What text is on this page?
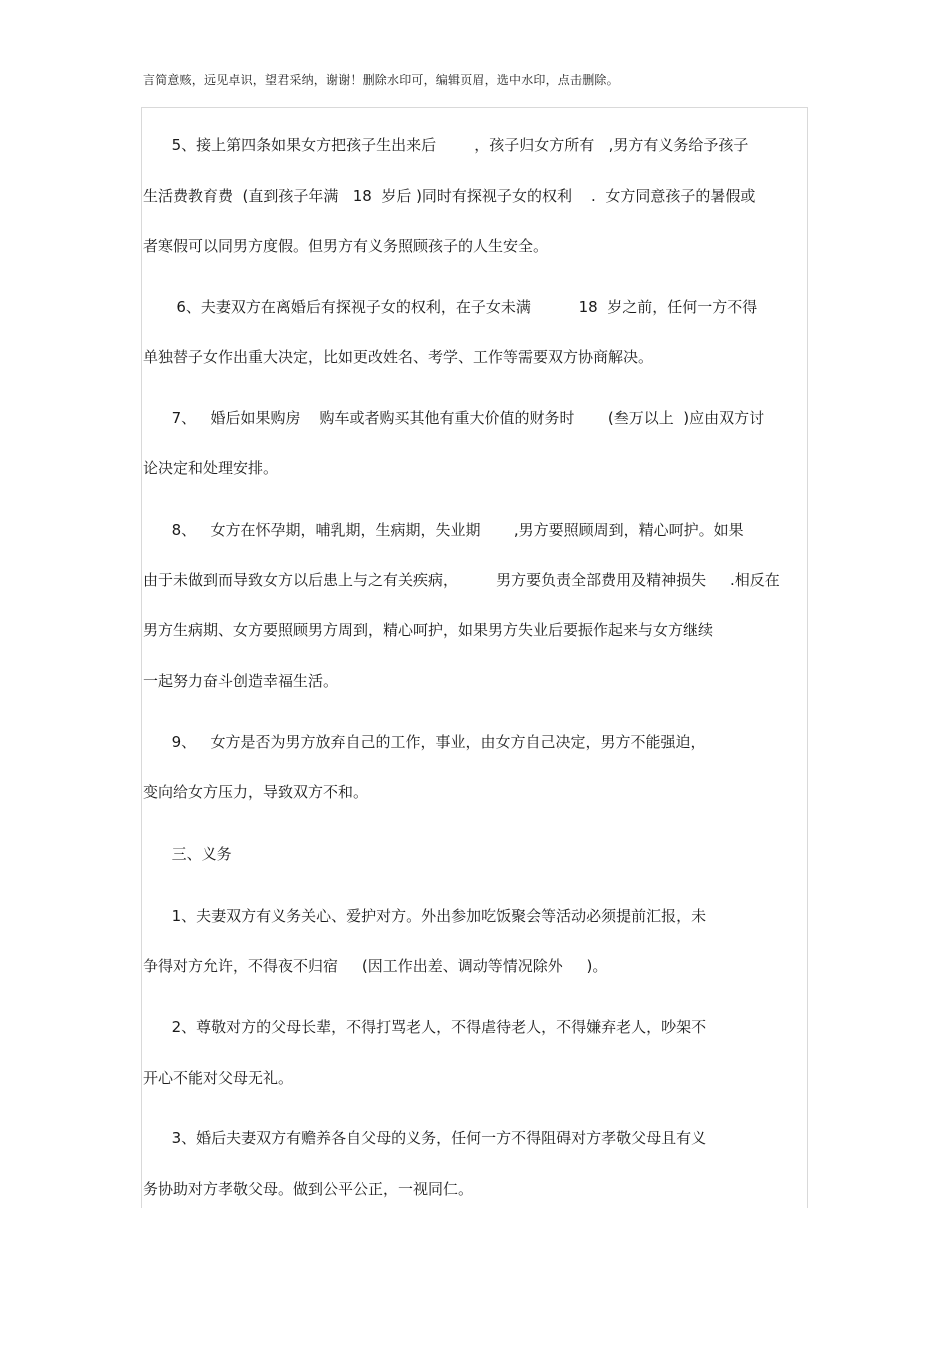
言简意赅，远见卓识，望君采纳，谢谢！删除水印可，编辑页眉，选中水印，点击删除。
5、接上第四条如果女方把孩子生出来后        ，孩子归女方所有   ,男方有义务给予孩子
生活费教育费  (直到孩子年满   18  岁后 )同时有探视子女的权利    .  女方同意孩子的暑假或
者寒假可以同男方度假。但男方有义务照顾孩子的人生安全。
6、夫妻双方在离婚后有探视子女的权利，在子女未满          18  岁之前，任何一方不得
单独替子女作出重大决定，比如更改姓名、考学、工作等需要双方协商解决。
7、   婚后如果购房    购车或者购买其他有重大价值的财务时       (叁万以上  )应由双方讨
论决定和处理安排。
8、   女方在怀孕期，哺乳期，生病期，失业期       ,男方要照顾周到，精心呵护。如果
由于未做到而导致女方以后患上与之有关疾病，        男方要负责全部费用及精神损失     .相反在
男方生病期、女方要照顾男方周到，精心呵护，如果男方失业后要振作起来与女方继续
一起努力奋斗创造幸福生活。
9、   女方是否为男方放弃自己的工作，事业，由女方自己决定，男方不能强迫，
变向给女方压力，导致双方不和。
三、义务
1、夫妻双方有义务关心、爱护对方。外出参加吃饭聚会等活动必须提前汇报，未
争得对方允许，不得夜不归宿     (因工作出差、调动等情况除外     )。
2、尊敬对方的父母长辈，不得打骂老人，不得虐待老人，不得嫌弃老人，吵架不
开心不能对父母无礼。
3、婚后夫妻双方有赡养各自父母的义务，任何一方不得阻碍对方孝敬父母且有义
务协助对方孝敬父母。做到公平公正，一视同仁。
